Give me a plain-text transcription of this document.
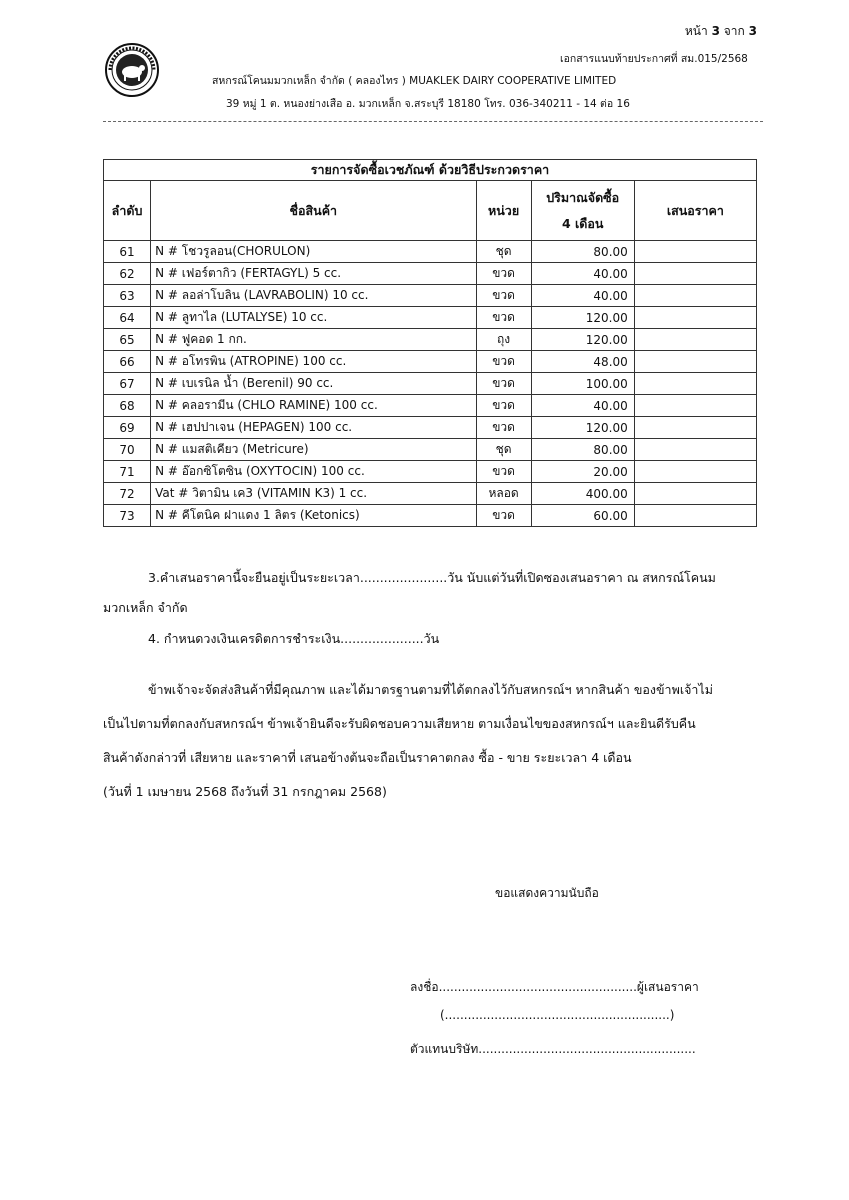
หน้า 3 จาก 3
เอกสารแนบท้ายประกาศที่ สม.015/2568
สหกรณ์โคนมมวกเหล็ก จำกัด ( คลองไทร ) MUAKLEK DAIRY COOPERATIVE LIMITED
39 หมู่ 1 ต. หนองย่างเสือ อ. มวกเหล็ก จ.สระบุรี 18180 โทร. 036-340211 - 14 ต่อ 16
รายการจัดซื้อเวชภัณฑ์ ด้วยวิธีประกวดราคา				
ลำดับ	ชื่อสินค้า	หน่วย	ปริมาณจัดซื้อ
4 เดือน	เสนอราคา
61	N # โชวรูลอน(CHORULON)	ชุด	80.00	
62	N # เฟอร์ตากิว (FERTAGYL) 5 cc.	ขวด	40.00	
63	N # ลอล่าโบลิน (LAVRABOLIN) 10 cc.	ขวด	40.00	
64	N # ลูทาไล (LUTALYSE) 10 cc.	ขวด	120.00	
65	N # ฟูคอด 1 กก.	ถุง	120.00	
66	N # อโทรพิน (ATROPINE) 100 cc.	ขวด	48.00	
67	N # เบเรนิล น้ำ (Berenil) 90 cc.	ขวด	100.00	
68	N # คลอรามีน (CHLO RAMINE) 100 cc.	ขวด	40.00	
69	N # เฮปปาเจน (HEPAGEN) 100 cc.	ขวด	120.00	
70	N # แมสติเคียว (Metricure)	ชุด	80.00	
71	N # อ๊อกซิโตซิน (OXYTOCIN) 100 cc.	ขวด	20.00	
72	Vat # วิตามิน เค3 (VITAMIN K3) 1 cc.	หลอด	400.00	
73	N # คีโตนิค ฝาแดง 1 ลิตร (Ketonics)	ขวด	60.00	
3.คำเสนอราคานี้จะยืนอยู่เป็นระยะเวลา......................วัน นับแต่วันที่เปิดซองเสนอราคา ณ สหกรณ์โคนม
มวกเหล็ก จำกัด
4. กำหนดวงเงินเครดิตการชำระเงิน.....................วัน
ข้าพเจ้าจะจัดส่งสินค้าที่มีคุณภาพ และได้มาตรฐานตามที่ได้ตกลงไว้กับสหกรณ์ฯ หากสินค้า ของข้าพเจ้าไม่
เป็นไปตามที่ตกลงกับสหกรณ์ฯ ข้าพเจ้ายินดีจะรับผิดชอบความเสียหาย ตามเงื่อนไขของสหกรณ์ฯ และยินดีรับคืน
สินค้าดังกล่าวที่ เสียหาย และราคาที่ เสนอข้างต้นจะถือเป็นราคาตกลง ซื้อ - ขาย ระยะเวลา 4 เดือน
(วันที่ 1 เมษายน 2568 ถึงวันที่ 31 กรกฎาคม 2568)
ขอแสดงความนับถือ
ลงชื่อ....................................................ผู้เสนอราคา
(...........................................................)
ตัวแทนบริษัท.........................................................
